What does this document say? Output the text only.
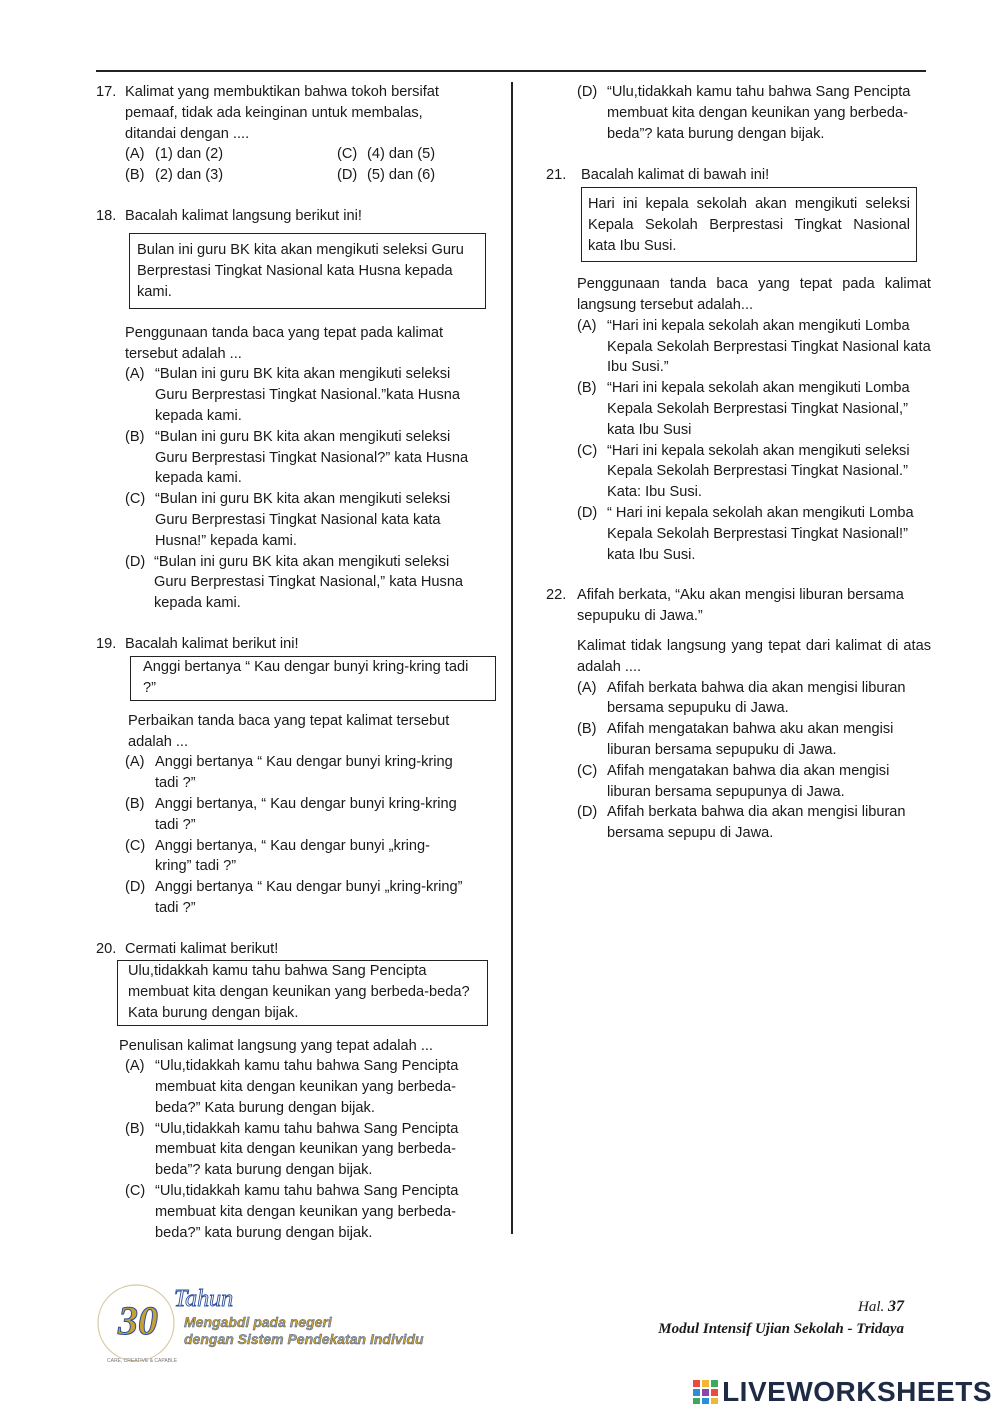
17. Kalimat yang membuktikan bahwa tokoh bersifat pemaaf, tidak ada keinginan untuk membalas, ditandai dengan ....
(A) (1) dan (2)	(C) (4) dan (5)
(B) (2) dan (3)	(D) (5) dan (6)
18. Bacalah kalimat langsung berikut ini!
Bulan ini guru BK kita akan mengikuti seleksi Guru Berprestasi Tingkat Nasional kata Husna kepada kami.
Penggunaan tanda baca yang tepat pada kalimat tersebut adalah ...
(A) “Bulan ini guru BK kita akan mengikuti seleksi Guru Berprestasi Tingkat Nasional.”kata Husna kepada kami.
(B) “Bulan ini guru BK kita akan mengikuti seleksi Guru Berprestasi Tingkat Nasional?” kata Husna kepada kami.
(C) “Bulan ini guru BK kita akan mengikuti seleksi Guru Berprestasi Tingkat Nasional kata kata Husna!” kepada kami.
(D) “Bulan ini guru BK kita akan mengikuti seleksi Guru Berprestasi Tingkat Nasional,” kata Husna kepada kami.
19. Bacalah kalimat berikut ini!
Anggi bertanya “ Kau dengar bunyi kring-kring tadi ?”
Perbaikan tanda baca yang tepat kalimat tersebut adalah ...
(A) Anggi bertanya “ Kau dengar bunyi kring-kring tadi ?”
(B) Anggi bertanya, “ Kau dengar bunyi kring-kring tadi ?”
(C) Anggi bertanya, “ Kau dengar bunyi „kring-kring” tadi ?”
(D) Anggi bertanya “ Kau dengar bunyi „kring-kring” tadi ?”
20. Cermati kalimat berikut!
Ulu,tidakkah kamu tahu bahwa Sang Pencipta membuat kita dengan keunikan yang berbeda-beda? Kata burung dengan bijak.
Penulisan kalimat langsung yang tepat adalah ...
(A) “Ulu,tidakkah kamu tahu bahwa Sang Pencipta membuat kita dengan keunikan yang berbeda-beda?” Kata burung dengan bijak.
(B) “Ulu,tidakkah kamu tahu bahwa Sang Pencipta membuat kita dengan keunikan yang berbeda-beda”? kata burung dengan bijak.
(C) “Ulu,tidakkah kamu tahu bahwa Sang Pencipta membuat kita dengan keunikan yang berbeda-beda?” kata burung dengan bijak.
(D) “Ulu,tidakkah kamu tahu bahwa Sang Pencipta membuat kita dengan keunikan yang berbeda-beda”? kata burung dengan bijak.
21.	Bacalah kalimat di bawah ini!
Hari ini kepala sekolah akan mengikuti seleksi Kepala Sekolah Berprestasi Tingkat Nasional kata Ibu Susi.
Penggunaan tanda baca yang tepat pada kalimat langsung tersebut adalah...
(A) “Hari ini kepala sekolah akan mengikuti Lomba Kepala Sekolah Berprestasi Tingkat Nasional kata Ibu Susi.”
(B) “Hari ini kepala sekolah akan mengikuti Lomba Kepala Sekolah Berprestasi Tingkat Nasional,” kata Ibu Susi
(C) “Hari ini kepala sekolah akan mengikuti seleksi Kepala Sekolah Berprestasi Tingkat Nasional.” Kata: Ibu Susi.
(D) “ Hari ini kepala sekolah akan mengikuti Lomba Kepala Sekolah Berprestasi Tingkat Nasional!” kata Ibu Susi.
22. Afifah berkata, “Aku akan mengisi liburan bersama sepupuku di Jawa.”
Kalimat tidak langsung yang tepat dari kalimat di atas adalah ....
(A) Afifah berkata bahwa dia akan mengisi liburan bersama sepupuku di Jawa.
(B) Afifah mengatakan bahwa aku akan mengisi liburan bersama sepupuku di Jawa.
(C) Afifah mengatakan bahwa dia akan mengisi liburan bersama sepupunya di Jawa.
(D) Afifah berkata bahwa dia akan mengisi liburan bersama sepupu di Jawa.
30 Tahun
Mengabdi pada negeri
dengan Sistem Pendekatan Individu
CARE, CREATIVE & CAPABLE
Hal. 37
Modul Intensif Ujian Sekolah - Tridaya
LIVEWORKSHEETS
